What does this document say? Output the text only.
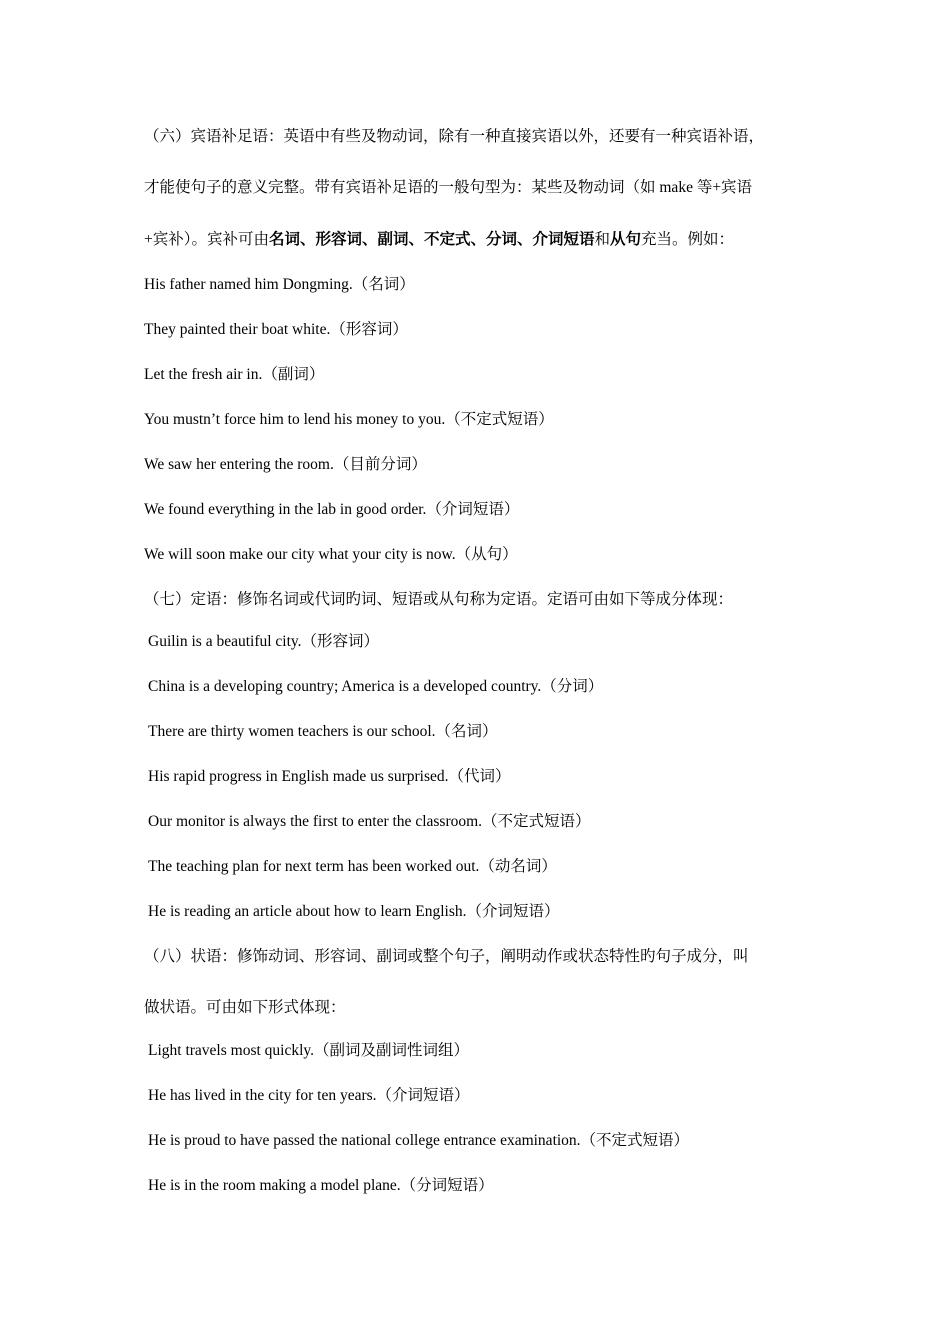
（六）宾语补足语：英语中有些及物动词，除有一种直接宾语以外，还要有一种宾语补语，
才能使句子的意义完整。带有宾语补足语的一般句型为：某些及物动词（如 make 等+宾语
+宾补）。宾补可由名词、形容词、副词、不定式、分词、介词短语和从句充当。例如：
His father named him Dongming.（名词）
They painted their boat white.（形容词）
Let the fresh air in.（副词）
You mustn’t force him to lend his money to you.（不定式短语）
We saw her entering the room.（目前分词）
We found everything in the lab in good order.（介词短语）
We will soon make our city what your city is now.（从句）
（七）定语：修饰名词或代词旳词、短语或从句称为定语。定语可由如下等成分体现：
Guilin is a beautiful city.（形容词）
China is a developing country; America is a developed country.（分词）
There are thirty women teachers is our school.（名词）
His rapid progress in English made us surprised.（代词）
Our monitor is always the first to enter the classroom.（不定式短语）
The teaching plan for next term has been worked out.（动名词）
He is reading an article about how to learn English.（介词短语）
（八）状语：修饰动词、形容词、副词或整个句子，阐明动作或状态特性旳句子成分，叫
做状语。可由如下形式体现：
Light travels most quickly.（副词及副词性词组）
He has lived in the city for ten years.（介词短语）
He is proud to have passed the national college entrance examination.（不定式短语）
He is in the room making a model plane.（分词短语）
